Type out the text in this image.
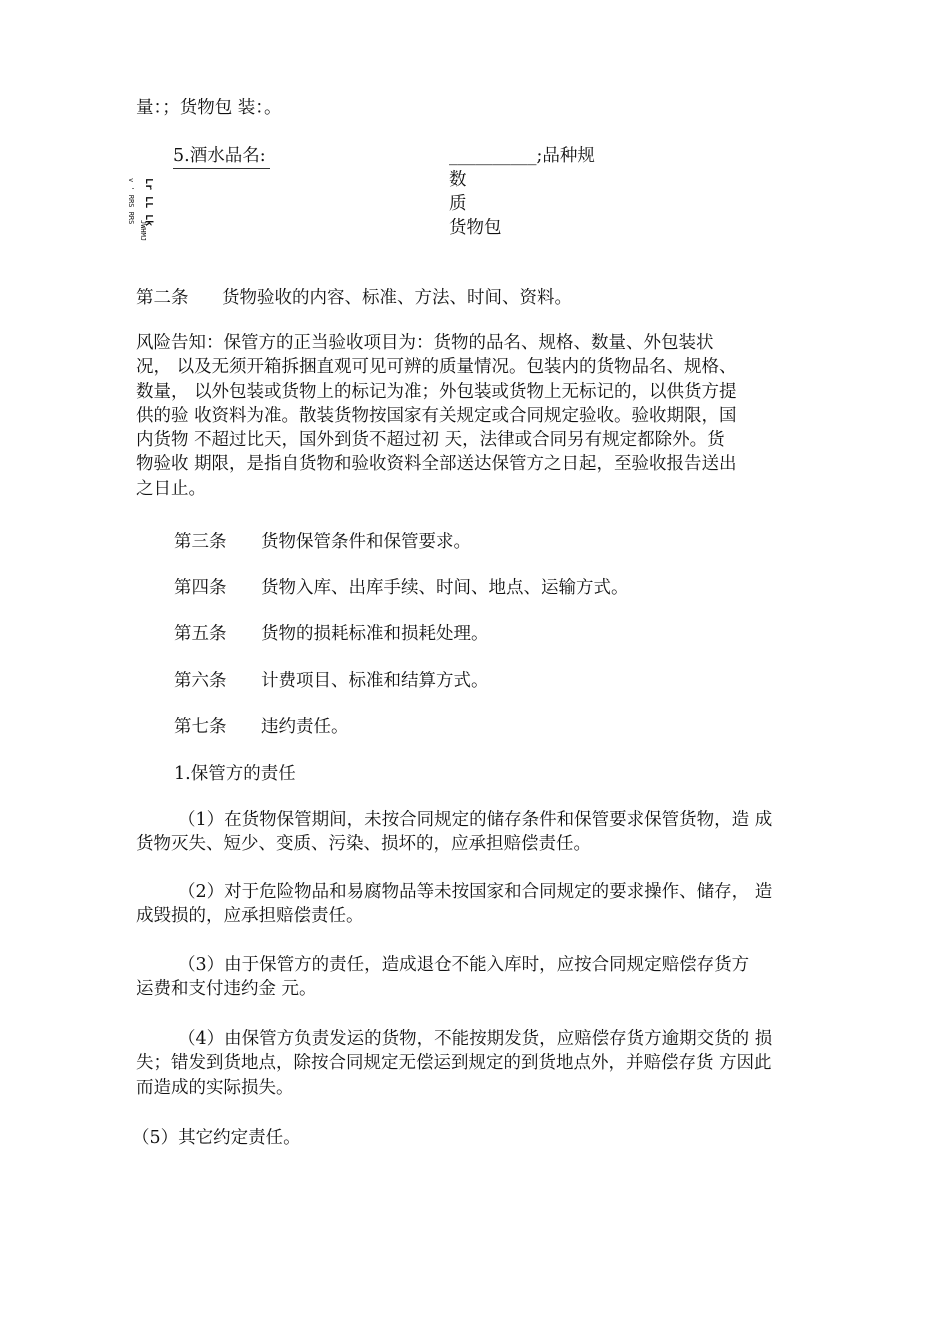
量：；货物包 装：。
5.酒水品名:	__________;品种规
数
质
货物包
Lr LL Lk
v ' RRS RRS
JWHMJ
第二条 货物验收的内容、标准、方法、时间、资料。
风险告知：保管方的正当验收项目为：货物的品名、规格、数量、外包装状
况， 以及无须开箱拆捆直观可见可辨的质量情况。包装内的货物品名、规格、
数量， 以外包装或货物上的标记为准；外包装或货物上无标记的，以供货方提
供的验 收资料为准。散装货物按国家有关规定或合同规定验收。验收期限，国
内货物 不超过比天，国外到货不超过初 天，法律或合同另有规定都除外。货
物验收 期限，是指自货物和验收资料全部送达保管方之日起，至验收报告送出
之日止。
第三条 货物保管条件和保管要求。
第四条 货物入库、出库手续、时间、地点、运输方式。
第五条 货物的损耗标准和损耗处理。
第六条 计费项目、标准和结算方式。
第七条 违约责任。
1.保管方的责任
（1）在货物保管期间，未按合同规定的储存条件和保管要求保管货物，造 成
货物灭失、短少、变质、污染、损坏的，应承担赔偿责任。
（2）对于危险物品和易腐物品等未按国家和合同规定的要求操作、储存， 造
成毁损的，应承担赔偿责任。
（3）由于保管方的责任，造成退仓不能入库时，应按合同规定赔偿存货方
运费和支付违约金 元。
（4）由保管方负责发运的货物，不能按期发货，应赔偿存货方逾期交货的 损
失；错发到货地点，除按合同规定无偿运到规定的到货地点外，并赔偿存货 方因此
而造成的实际损失。
（5）其它约定责任。
